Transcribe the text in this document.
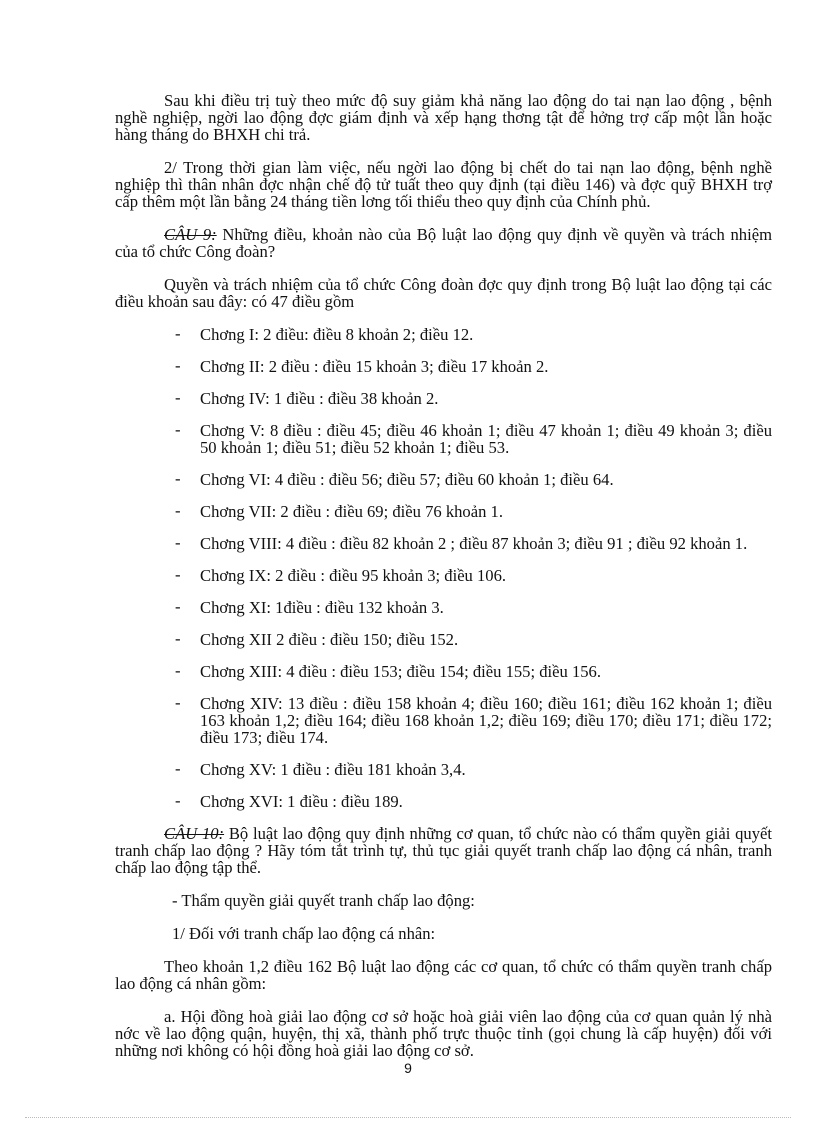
Sau khi điều trị tuỳ theo mức độ suy giảm khả năng lao động do tai nạn lao động , bệnh nghề nghiệp, ngời lao động đợc giám định và xếp hạng thơng tật để hởng trợ cấp một lần hoặc hàng tháng do BHXH chi trả.

2/ Trong thời gian làm việc, nếu ngời lao động bị chết do tai nạn lao động, bệnh nghề nghiệp thì thân nhân đợc nhận chế độ tử tuất theo quy định (tại điều 146) và đợc quỹ BHXH trợ cấp thêm một lần bằng 24 tháng tiền lơng tối thiểu theo quy định của Chính phủ.

CÂU 9: Những điều, khoản nào của Bộ luật lao động quy định về quyền và trách nhiệm của tổ chức Công đoàn?

Quyền và trách nhiệm của tổ chức Công đoàn đợc quy định trong Bộ luật lao động tại các điều khoản sau đây: có 47 điều gồm

- Chơng I: 2 điều: điều 8 khoản 2; điều 12.
- Chơng II: 2 điều : điều 15 khoản 3; điều 17 khoản 2.
- Chơng IV: 1 điều : điều 38 khoản 2.
- Chơng V: 8 điều : điều 45; điều 46 khoản 1; điều 47 khoản 1; điều 49 khoản 3; điều 50 khoản 1; điều 51; điều 52 khoản 1; điều 53.
- Chơng VI: 4 điều : điều 56; điều 57; điều 60 khoản 1; điều 64.
- Chơng VII: 2 điều : điều 69; điều 76 khoản 1.
- Chơng VIII: 4 điều : điều 82 khoản 2 ; điều 87 khoản 3; điều 91 ; điều 92 khoản 1.
- Chơng IX: 2 điều : điều 95 khoản 3; điều 106.
- Chơng XI: 1điều : điều 132 khoản 3.
- Chơng XII 2 điều : điều 150; điều 152.
- Chơng XIII: 4 điều : điều 153; điều 154; điều 155; điều 156.
- Chơng XIV: 13 điều : điều 158 khoản 4; điều 160; điều 161; điều 162 khoản 1; điều 163 khoản 1,2; điều 164; điều 168 khoản 1,2; điều 169; điều 170; điều 171; điều 172; điều 173; điều 174.
- Chơng XV: 1 điều : điều 181 khoản 3,4.
- Chơng XVI: 1 điều : điều 189.

CÂU 10: Bộ luật lao động quy định những cơ quan, tổ chức nào có thẩm quyền giải quyết tranh chấp lao động ? Hãy tóm tắt trình tự, thủ tục giải quyết tranh chấp lao động cá nhân, tranh chấp lao động tập thể.

- Thẩm quyền giải quyết tranh chấp lao động:

1/ Đối với tranh chấp lao động cá nhân:

Theo khoản 1,2 điều 162 Bộ luật lao động các cơ quan, tổ chức có thẩm quyền tranh chấp lao động cá nhân gồm:

a. Hội đồng hoà giải lao động cơ sở hoặc hoà giải viên lao động của cơ quan quản lý nhà nớc về lao động quận, huyện, thị xã, thành phố trực thuộc tỉnh (gọi chung là cấp huyện) đối với những nơi không có hội đồng hoà giải lao động cơ sở.

9
